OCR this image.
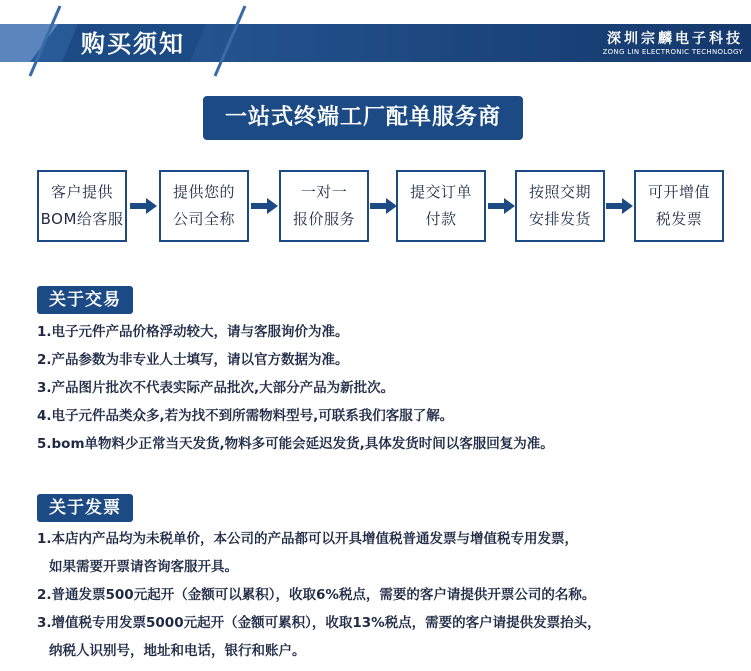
购买须知	深圳宗麟电子科技
ZONG LIN ELECTRONIC TECHNOLOGY
一站式终端工厂配单服务商
客户提供
BOM给客服
提供您的
公司全称
一对一
报价服务
提交订单
付款
按照交期
安排发货
可开增值
税发票
关于交易
1.电子元件产品价格浮动较大，请与客服询价为准。
2.产品参数为非专业人士填写，请以官方数据为准。
3.产品图片批次不代表实际产品批次,大部分产品为新批次。
4.电子元件品类众多,若为找不到所需物料型号,可联系我们客服了解。
5.bom单物料少正常当天发货,物料多可能会延迟发货,具体发货时间以客服回复为准。
关于发票
1.本店内产品均为未税单价，本公司的产品都可以开具增值税普通发票与增值税专用发票，
如果需要开票请咨询客服开具。
2.普通发票500元起开（金额可以累积），收取6%税点，需要的客户请提供开票公司的名称。
3.增值税专用发票5000元起开（金额可累积），收取13%税点，需要的客户请提供发票抬头，
纳税人识别号，地址和电话，银行和账户。
